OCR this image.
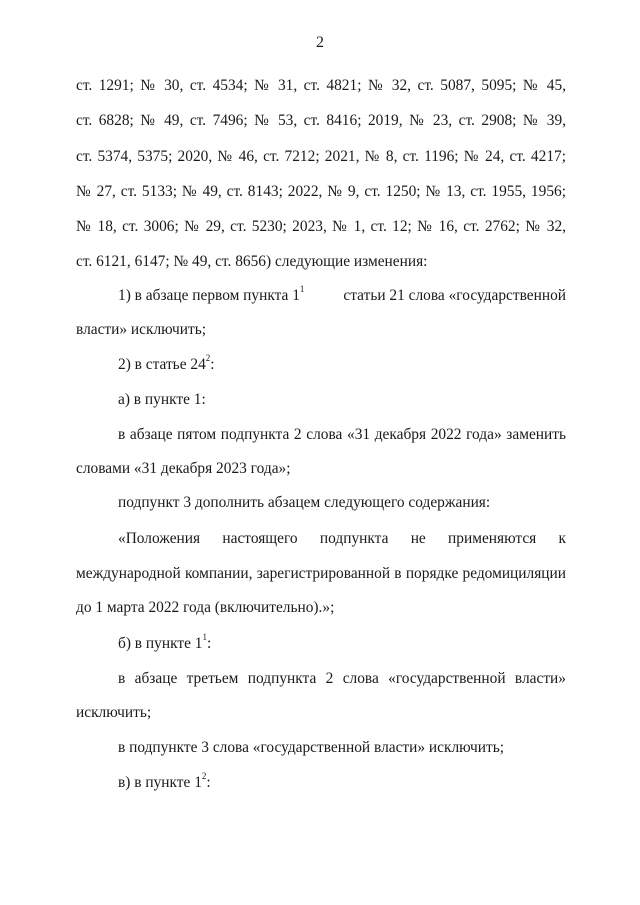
2
ст. 1291; № 30, ст. 4534; № 31, ст. 4821; № 32, ст. 5087, 5095; № 45,
ст. 6828; № 49, ст. 7496; № 53, ст. 8416; 2019, № 23, ст. 2908; № 39,
ст. 5374, 5375; 2020, № 46, ст. 7212; 2021, № 8, ст. 1196; № 24, ст. 4217;
№ 27, ст. 5133; № 49, ст. 8143; 2022, № 9, ст. 1250; № 13, ст. 1955, 1956;
№ 18, ст. 3006; № 29, ст. 5230; 2023, № 1, ст. 12; № 16, ст. 2762; № 32,
ст. 6121, 6147; № 49, ст. 8656) следующие изменения:
1) в абзаце первом пункта $1^1$	статьи 21 слова «государственной
власти» исключить;
2) в статье $24^2$:
а) в пункте 1:
в абзаце пятом подпункта 2 слова «31 декабря 2022 года» заменить
словами «31 декабря 2023 года»;
подпункт 3 дополнить абзацем следующего содержания:
«Положения настоящего подпункта не применяются к
международной компании, зарегистрированной в порядке редомициляции
до 1 марта 2022 года (включительно).»;
б) в пункте $1^1$:
в абзаце третьем подпункта 2 слова «государственной власти»
исключить;
в подпункте 3 слова «государственной власти» исключить;
в) в пункте $1^2$:
